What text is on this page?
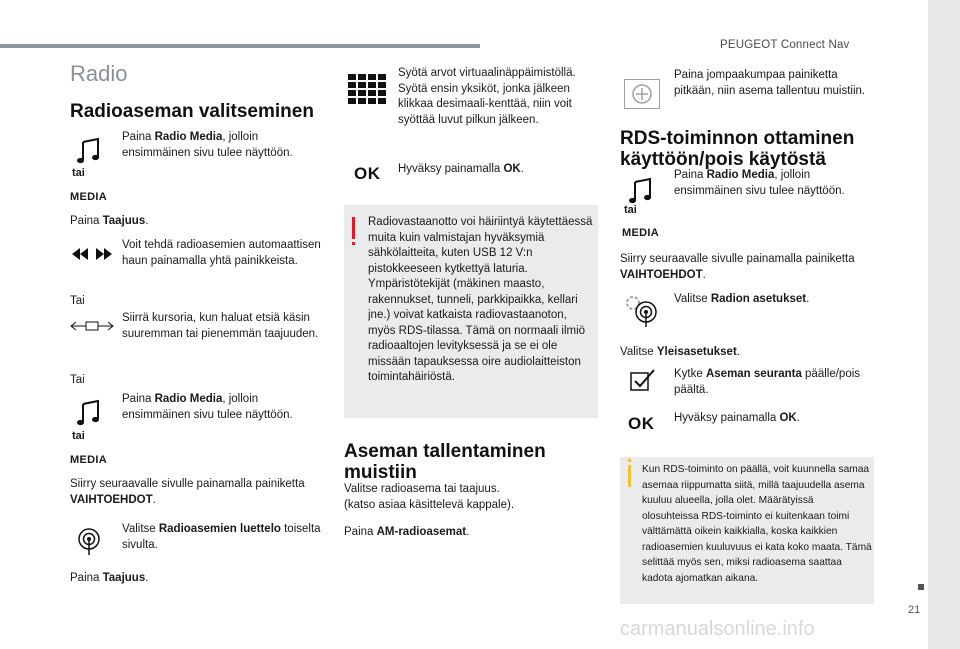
PEUGEOT Connect Nav
21
carmanualsonline.info
Radio
Radioaseman valitseminen
tai
MEDIA
Paina Radio Media, jolloin ensimmäinen sivu tulee näyttöön.
Paina Taajuus.
Voit tehdä radioasemien automaattisen haun painamalla yhtä painikkeista.
Tai
Siirrä kursoria, kun haluat etsiä käsin suuremman tai pienemmän taajuuden.
Tai
Paina Radio Media, jolloin ensimmäinen sivu tulee näyttöön.
tai
MEDIA
Siirry seuraavalle sivulle painamalla painiketta VAIHTOEHDOT.
Valitse Radioasemien luettelo toiselta sivulta.
Paina Taajuus.
Syötä arvot virtuaalinäppäimistöllä. Syötä ensin yksiköt, jonka jälkeen klikkaa desimaali-kenttää, niin voit syöttää luvut pilkun jälkeen.
OK Hyväksy painamalla OK.
Radiovastaanotto voi häiriintyä käytettäessä muita kuin valmistajan hyväksymiä sähkölaitteita, kuten USB 12 V:n pistokkeeseen kytkettyä laturia. Ympäristötekijät (mäkinen maasto, rakennukset, tunneli, parkkipaikka, kellari jne.) voivat katkaista radiovastaanoton, myös RDS-tilassa. Tämä on normaali ilmiö radioaaltojen levityksessä ja se ei ole missään tapauksessa oire audiolaitteiston toimintahäiriöstä.
Aseman tallentaminen
muistiin
Valitse radioasema tai taajuus.
(katso asiaa käsittelevä kappale).
Paina AM-radioasemat.
Paina jompaakumpaa painiketta pitkään, niin asema tallentuu muistiin.
RDS-toiminnon ottaminen
käyttöön/pois käytöstä
Paina Radio Media, jolloin ensimmäinen sivu tulee näyttöön.
tai
MEDIA
Siirry seuraavalle sivulle painamalla painiketta VAIHTOEHDOT.
Valitse Radion asetukset.
Valitse Yleisasetukset.
Kytke Aseman seuranta päälle/pois päältä.
OK Hyväksy painamalla OK.
Kun RDS-toiminto on päällä, voit kuunnella samaa asemaa riippumatta siitä, millä taajuudella asema kuuluu alueella, jolla olet. Määrätyissä olosuhteissa RDS-toiminto ei kuitenkaan toimi välttämättä oikein kaikkialla, koska kaikkien radioasemien kuuluvuus ei kata koko maata. Tämä selittää myös sen, miksi radioasema saattaa kadota ajomatkan aikana.
